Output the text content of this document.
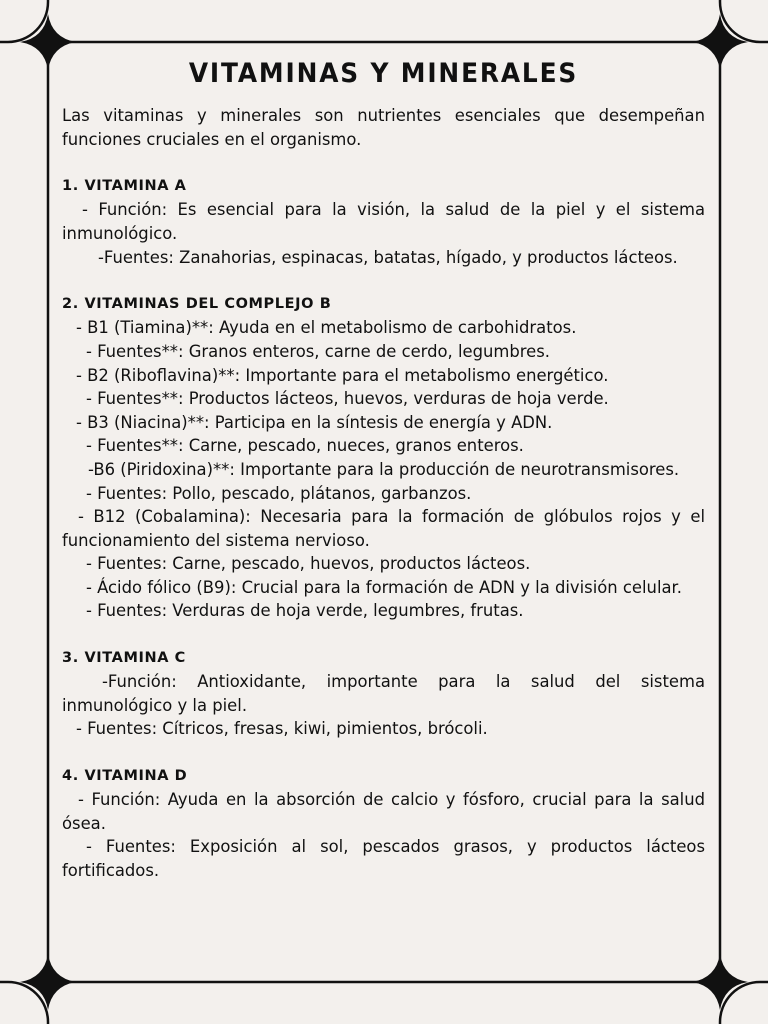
VITAMINAS Y MINERALES

Las vitaminas y minerales son nutrientes esenciales que desempeñan funciones cruciales en el organismo.

1. VITAMINA A

- Función: Es esencial para la visión, la salud de la piel y el sistema inmunológico.

-Fuentes: Zanahorias, espinacas, batatas, hígado, y productos lácteos.

2. VITAMINAS DEL COMPLEJO B

- B1 (Tiamina)**: Ayuda en el metabolismo de carbohidratos.

- Fuentes**: Granos enteros, carne de cerdo, legumbres.

- B2 (Riboflavina)**: Importante para el metabolismo energético.

- Fuentes**: Productos lácteos, huevos, verduras de hoja verde.

- B3 (Niacina)**: Participa en la síntesis de energía y ADN.

- Fuentes**: Carne, pescado, nueces, granos enteros.

-B6 (Piridoxina)**: Importante para la producción de neurotransmisores.

- Fuentes: Pollo, pescado, plátanos, garbanzos.

- B12 (Cobalamina): Necesaria para la formación de glóbulos rojos y el funcionamiento del sistema nervioso.

- Fuentes: Carne, pescado, huevos, productos lácteos.

- Ácido fólico (B9): Crucial para la formación de ADN y la división celular.

- Fuentes: Verduras de hoja verde, legumbres, frutas.

3. VITAMINA C

-Función: Antioxidante, importante para la salud del sistema inmunológico y la piel.

- Fuentes: Cítricos, fresas, kiwi, pimientos, brócoli.

4. VITAMINA D

- Función: Ayuda en la absorción de calcio y fósforo, crucial para la salud ósea.

- Fuentes: Exposición al sol, pescados grasos, y productos lácteos fortificados.
